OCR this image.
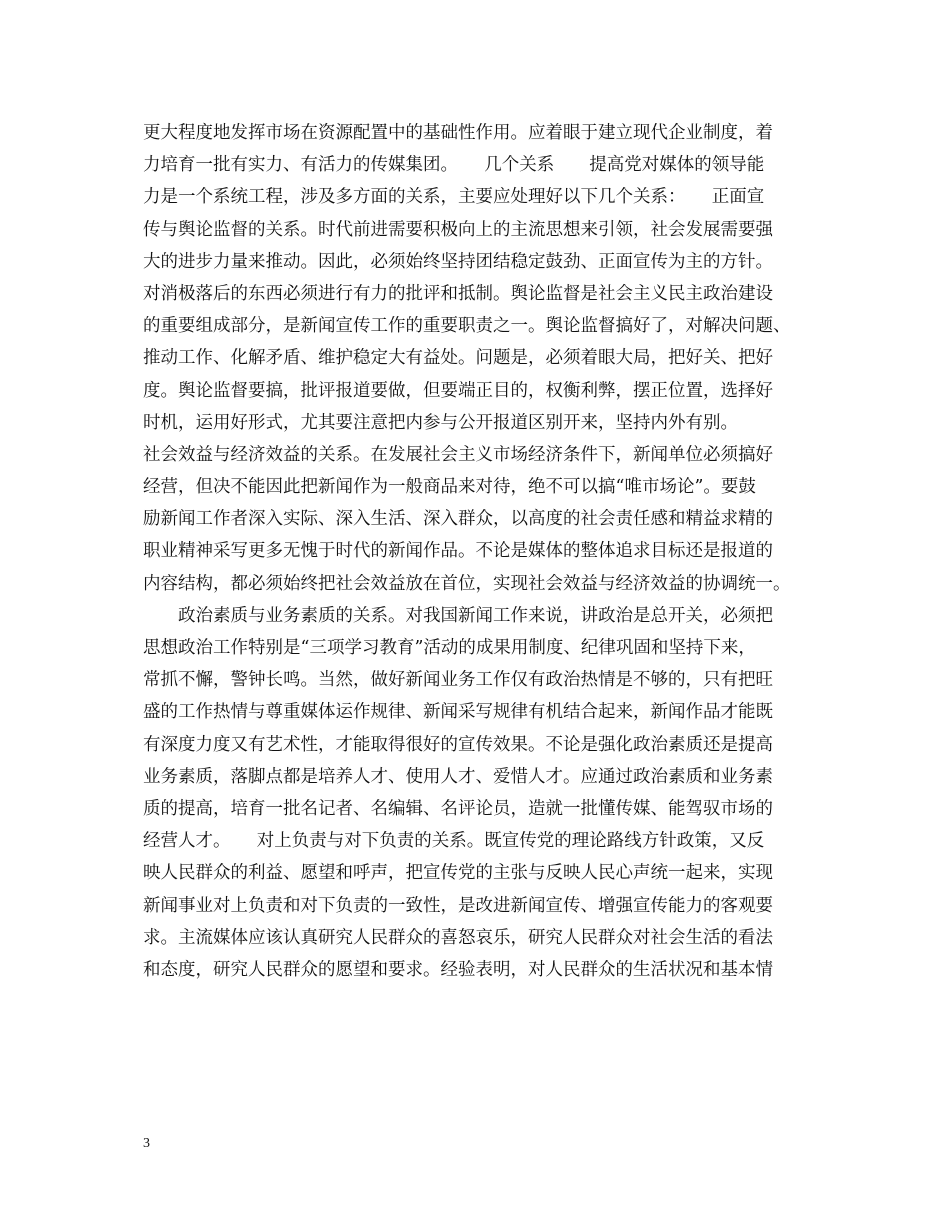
更大程度地发挥市场在资源配置中的基础性作用。应着眼于建立现代企业制度，着
力培育一批有实力、有活力的传媒集团。　　几个关系　　提高党对媒体的领导能
力是一个系统工程，涉及多方面的关系，主要应处理好以下几个关系：　　正面宣
传与舆论监督的关系。时代前进需要积极向上的主流思想来引领，社会发展需要强
大的进步力量来推动。因此，必须始终坚持团结稳定鼓劲、正面宣传为主的方针。
对消极落后的东西必须进行有力的批评和抵制。舆论监督是社会主义民主政治建设
的重要组成部分，是新闻宣传工作的重要职责之一。舆论监督搞好了，对解决问题、
推动工作、化解矛盾、维护稳定大有益处。问题是，必须着眼大局，把好关、把好
度。舆论监督要搞，批评报道要做，但要端正目的，权衡利弊，摆正位置，选择好
时机，运用好形式，尤其要注意把内参与公开报道区别开来，坚持内外有别。
社会效益与经济效益的关系。在发展社会主义市场经济条件下，新闻单位必须搞好
经营，但决不能因此把新闻作为一般商品来对待，绝不可以搞“唯市场论”。要鼓
励新闻工作者深入实际、深入生活、深入群众，以高度的社会责任感和精益求精的
职业精神采写更多无愧于时代的新闻作品。不论是媒体的整体追求目标还是报道的
内容结构，都必须始终把社会效益放在首位，实现社会效益与经济效益的协调统一。
　　政治素质与业务素质的关系。对我国新闻工作来说，讲政治是总开关，必须把
思想政治工作特别是“三项学习教育”活动的成果用制度、纪律巩固和坚持下来，
常抓不懈，警钟长鸣。当然，做好新闻业务工作仅有政治热情是不够的，只有把旺
盛的工作热情与尊重媒体运作规律、新闻采写规律有机结合起来，新闻作品才能既
有深度力度又有艺术性，才能取得很好的宣传效果。不论是强化政治素质还是提高
业务素质，落脚点都是培养人才、使用人才、爱惜人才。应通过政治素质和业务素
质的提高，培育一批名记者、名编辑、名评论员，造就一批懂传媒、能驾驭市场的
经营人才。　　对上负责与对下负责的关系。既宣传党的理论路线方针政策，又反
映人民群众的利益、愿望和呼声，把宣传党的主张与反映人民心声统一起来，实现
新闻事业对上负责和对下负责的一致性，是改进新闻宣传、增强宣传能力的客观要
求。主流媒体应该认真研究人民群众的喜怒哀乐，研究人民群众对社会生活的看法
和态度，研究人民群众的愿望和要求。经验表明，对人民群众的生活状况和基本情
3
